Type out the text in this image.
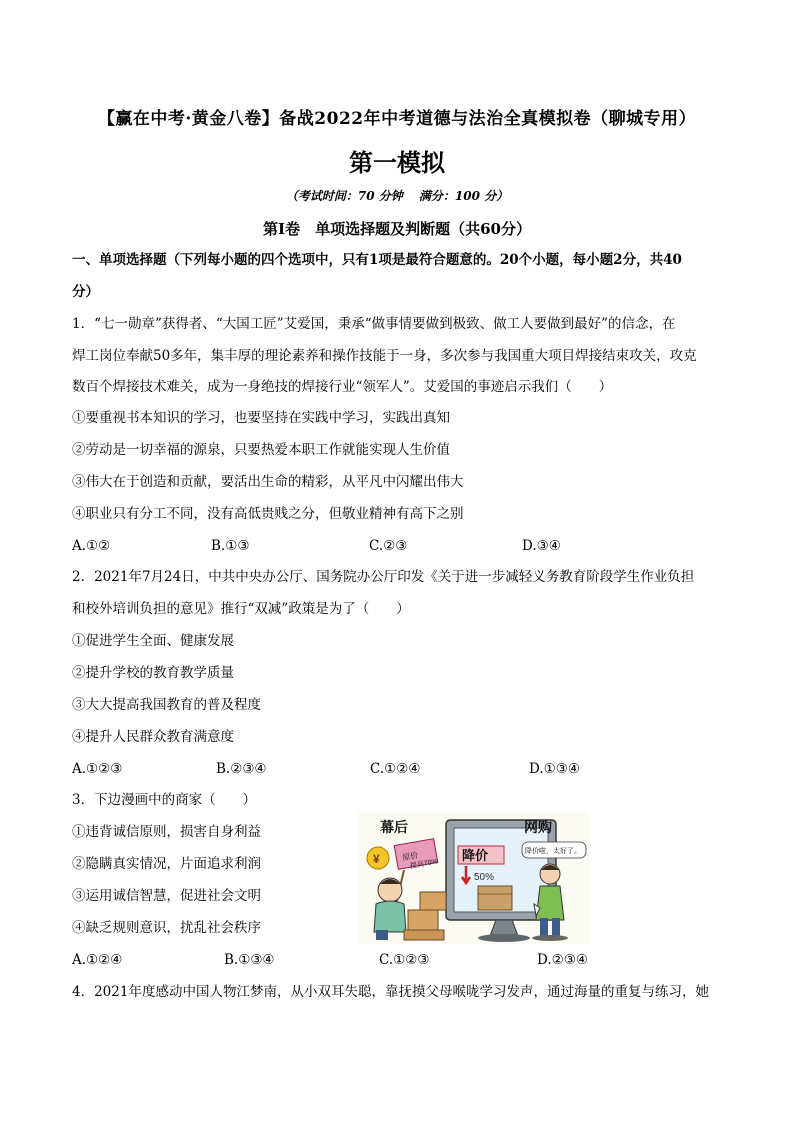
【赢在中考·黄金八卷】备战2022年中考道德与法治全真模拟卷（聊城专用）
第一模拟
（考试时间：70 分钟　 满分：100 分）
第Ⅰ卷　单项选择题及判断题（共60分）
一、单项选择题（下列每小题的四个选项中，只有1项是最符合题意的。20个小题，每小题2分，共40
分）
1．“七一勋章”获得者、“大国工匠”艾爱国，秉承“做事情要做到极致、做工人要做到最好”的信念，在
焊工岗位奉献50多年，集丰厚的理论素养和操作技能于一身，多次参与我国重大项目焊接结束攻关，攻克
数百个焊接技术难关，成为一身绝技的焊接行业“领军人”。艾爱国的事迹启示我们（　　）
①要重视书本知识的学习，也要坚持在实践中学习，实践出真知
②劳动是一切幸福的源泉，只要热爱本职工作就能实现人生价值
③伟大在于创造和贡献，要活出生命的精彩，从平凡中闪耀出伟大
④职业只有分工不同，没有高低贵贱之分，但敬业精神有高下之别
A.①②	B.①③	C.②③	D.③④
2．2021年7月24日，中共中央办公厅、国务院办公厅印发《关于进一步减轻义务教育阶段学生作业负担
和校外培训负担的意见》推行“双减”政策是为了（　　）
①促进学生全面、健康发展
②提升学校的教育教学质量
③大大提高我国教育的普及程度
④提升人民群众教育满意度
A.①②③	B.②③④	C.①②④	D.①③④
3．下边漫画中的商家（　　）
①违背诚信原则，损害自身利益
②隐瞒真实情况，片面追求利润
③运用诚信智慧，促进社会文明
④缺乏规则意识，扰乱社会秩序
降价
50%
幕后	网购
降价啦，太好了。
¥	原价
提高70%
A.①②④	B.①③④	C.①②③	D.②③④
4．2021年度感动中国人物江梦南，从小双耳失聪，靠抚摸父母喉咙学习发声，通过海量的重复与练习，她
